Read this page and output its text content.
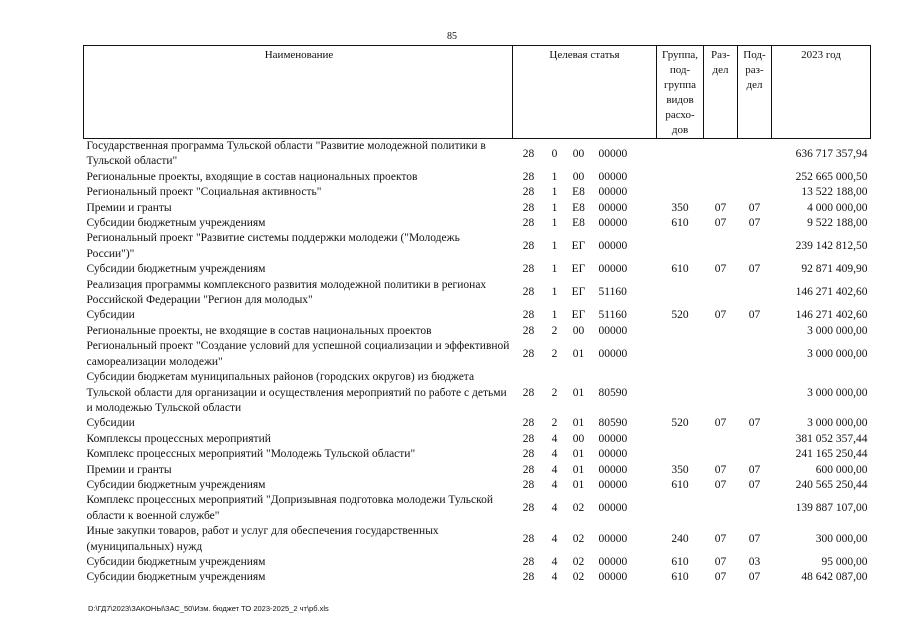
85
Наименование	Целевая статья				Группа, под-группа видов расхо-дов	Раз-дел	Под-раз-дел	2023 год
Государственная программа Тульской области "Развитие молодежной политики в Тульской области"	28	0	00	00000				636 717 357,94
Региональные проекты, входящие в состав национальных проектов	28	1	00	00000				252 665 000,50
Региональный проект "Социальная активность"	28	1	Е8	00000				13 522 188,00
Премии и гранты	28	1	Е8	00000	350	07	07	4 000 000,00
Субсидии бюджетным учреждениям	28	1	Е8	00000	610	07	07	9 522 188,00
Региональный проект "Развитие системы поддержки молодежи ("Молодежь России")"	28	1	ЕГ	00000				239 142 812,50
Субсидии бюджетным учреждениям	28	1	ЕГ	00000	610	07	07	92 871 409,90
Реализация программы комплексного развития молодежной политики в регионах Российской Федерации "Регион для молодых"	28	1	ЕГ	51160				146 271 402,60
Субсидии	28	1	ЕГ	51160	520	07	07	146 271 402,60
Региональные проекты, не входящие в состав национальных проектов	28	2	00	00000				3 000 000,00
Региональный проект "Создание условий для успешной социализации и эффективной самореализации молодежи"	28	2	01	00000				3 000 000,00
Субсидии бюджетам муниципальных районов (городских округов) из бюджета Тульской области для организации и осуществления мероприятий по работе с детьми и молодежью Тульской области	28	2	01	80590				3 000 000,00
Субсидии	28	2	01	80590	520	07	07	3 000 000,00
Комплексы процессных мероприятий	28	4	00	00000				381 052 357,44
Комплекс процессных мероприятий "Молодежь Тульской области"	28	4	01	00000				241 165 250,44
Премии и гранты	28	4	01	00000	350	07	07	600 000,00
Субсидии бюджетным учреждениям	28	4	01	00000	610	07	07	240 565 250,44
Комплекс процессных мероприятий "Допризывная подготовка молодежи Тульской области к военной службе"	28	4	02	00000				139 887 107,00
Иные закупки товаров, работ и услуг для обеспечения государственных (муниципальных) нужд	28	4	02	00000	240	07	07	300 000,00
Субсидии бюджетным учреждениям	28	4	02	00000	610	07	03	95 000,00
Субсидии бюджетным учреждениям	28	4	02	00000	610	07	07	48 642 087,00
D:\ГД7\2023\ЗАКОНЫ\ЗАС_50\Изм. бюджет ТО 2023-2025_2 чт\рб.xls
